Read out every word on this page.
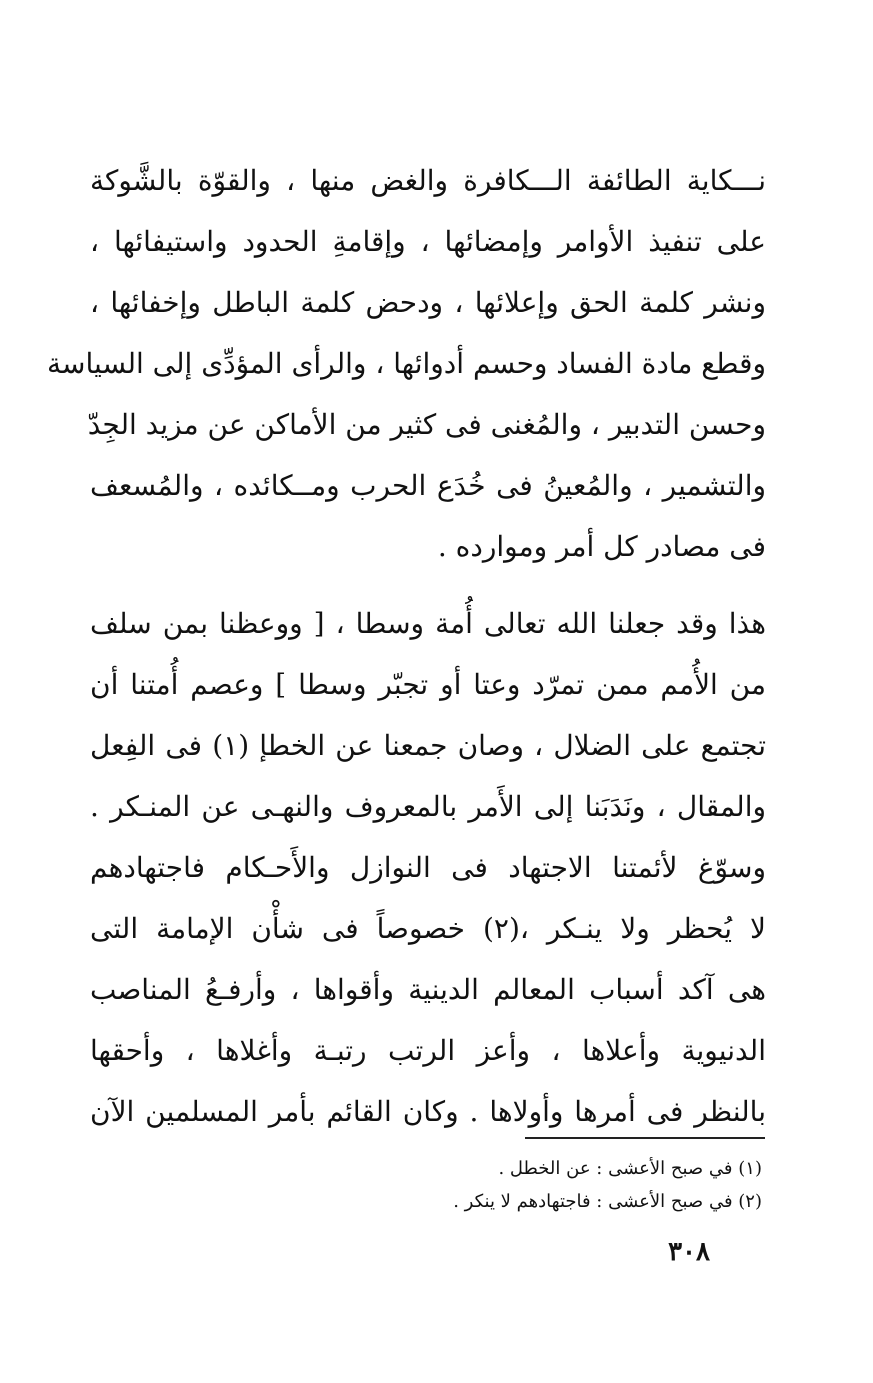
نـــكاية الطائفة الـــكافرة والغض منها ، والقوّة بالشَّوكة
على تنفيذ الأوامر وإمضائها ، وإقامةِ الحدود واستيفائها ،
ونشر كلمة الحق وإعلائها ، ودحض كلمة الباطل وإخفائها ،
وقطع مادة الفساد وحسم أدوائها ، والرأى المؤدِّى إلى السياسة
وحسن التدبير ، والمُغنى فى كثير من الأماكن عن مزيد الجِدّ
والتشمير ، والمُعينُ فى خُدَع الحرب ومــكائده ، والمُسعف
فى مصادر كل أمر وموارده .
هذا وقد جعلنا الله تعالى أُمة وسطا ، [ ووعظنا بمن سلف
من الأُمم ممن تمرّد وعتا أو تجبّر وسطا ] وعصم أُمتنا أن
تجتمع على الضلال ، وصان جمعنا عن الخطإ (١) فى الفِعل
والمقال ، ونَدَبَنا إلى الأَمر بالمعروف والنهـى عن المنـكر .
وسوّغ لأئمتنا الاجتهاد فى النوازل والأَحـكام فاجتهادهم
لا يُحظر ولا ينـكر ،(٢) خصوصاً فى شأْن الإمامة التى
هى آكد أسباب المعالم الدينية وأقواها ، وأرفـعُ المناصب
الدنيوية وأعلاها ، وأعز الرتب رتبـة وأغلاها ، وأحقها
بالنظر فى أمرها وأولاها . وكان القائم بأمر المسلمين الآن
(١) في صبح الأعشى : عن الخطل .
(٢) في صبح الأعشى : فاجتهادهم لا ينكر .
٣٠٨
